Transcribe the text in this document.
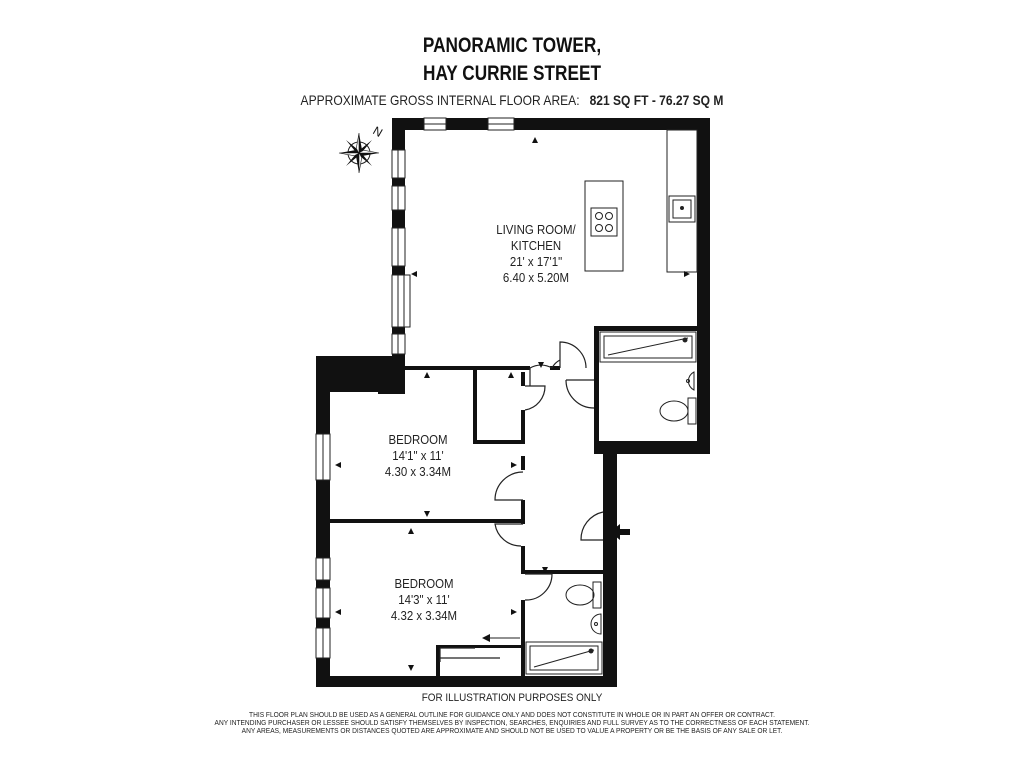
PANORAMIC TOWER,
HAY CURRIE STREET
APPROXIMATE GROSS INTERNAL FLOOR AREA: 821 SQ FT - 76.27 SQ M
N
LIVING ROOM/
KITCHEN
21' x 17'1"
6.40 x 5.20M
BEDROOM
14'1" x 11'
4.30 x 3.34M
BEDROOM
14'3" x 11'
4.32 x 3.34M
FOR ILLUSTRATION PURPOSES ONLY
THIS FLOOR PLAN SHOULD BE USED AS A GENERAL OUTLINE FOR GUIDANCE ONLY AND DOES NOT CONSTITUTE IN WHOLE OR IN PART AN OFFER OR CONTRACT.
ANY INTENDING PURCHASER OR LESSEE SHOULD SATISFY THEMSELVES BY INSPECTION, SEARCHES, ENQUIRIES AND FULL SURVEY AS TO THE CORRECTNESS OF EACH STATEMENT.
ANY AREAS, MEASUREMENTS OR DISTANCES QUOTED ARE APPROXIMATE AND SHOULD NOT BE USED TO VALUE A PROPERTY OR BE THE BASIS OF ANY SALE OR LET.
